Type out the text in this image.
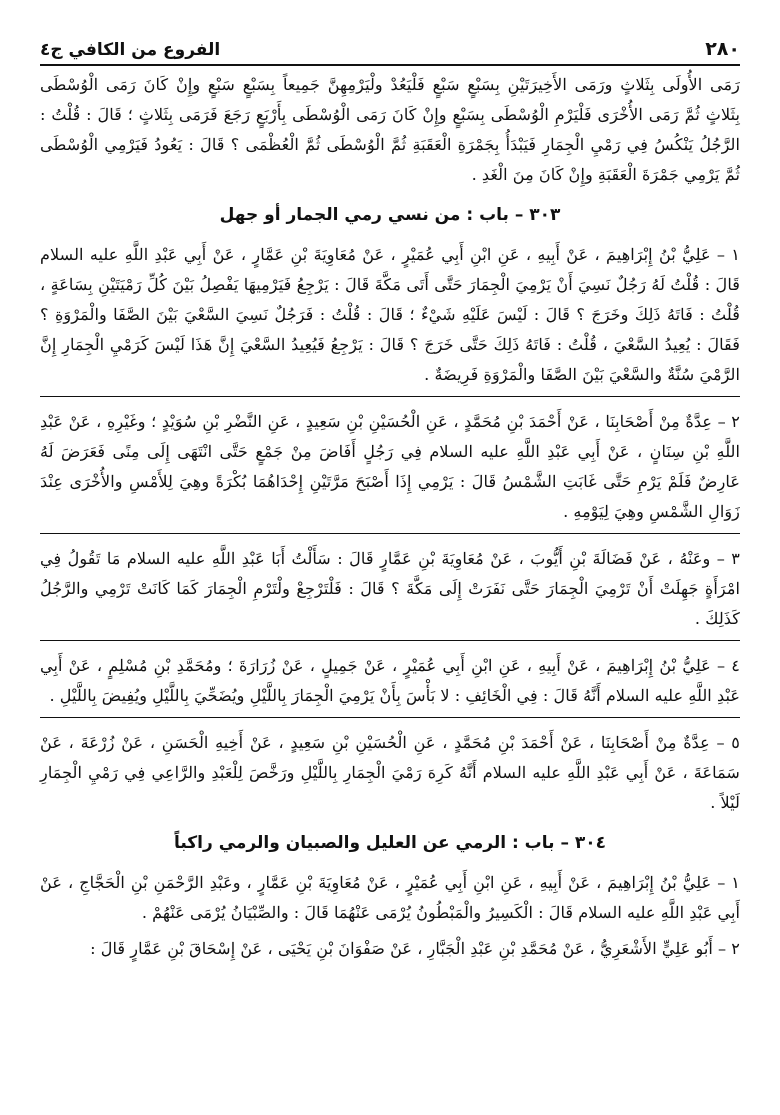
٢٨٠
الفروع من الكافي ج٤

رَمَى الأُولَى بِثَلاثٍ ورَمَى الأَخِيرَتَيْنِ بِسَبْعٍ سَبْعٍ فَلْيَعُدْ ولْيَرْمِهِنَّ جَمِيعاً بِسَبْعٍ سَبْعٍ وإِنْ كَانَ رَمَى الْوُسْطَى بِثَلاثٍ ثُمَّ رَمَى الأُخْرَى فَلْيَرْمِ الْوُسْطَى بِسَبْعٍ وإِنْ كَانَ رَمَى الْوُسْطَى بِأَرْبَعٍ رَجَعَ فَرَمَى بِثَلاثٍ ؛ قَالَ : قُلْتُ : الرَّجُلُ يَنْكُسُ فِي رَمْيِ الْجِمَارِ فَيَبْدَأُ بِجَمْرَةِ الْعَقَبَةِ ثُمَّ الْوُسْطَى ثُمَّ الْعُظْمَى ؟ قَالَ : يَعُودُ فَيَرْمِي الْوُسْطَى ثُمَّ يَرْمِي جَمْرَةَ الْعَقَبَةِ وإِنْ كَانَ مِنَ الْغَدِ .

٣٠٣ – باب : من نسي رمي الجمار أو جهل

١ – عَلِيُّ بْنُ إِبْرَاهِيمَ ، عَنْ أَبِيهِ ، عَنِ ابْنِ أَبِي عُمَيْرٍ ، عَنْ مُعَاوِيَةَ بْنِ عَمَّارٍ ، عَنْ أَبِي عَبْدِ اللَّهِ عليه السلام قَالَ : قُلْتُ لَهُ رَجُلٌ نَسِيَ أَنْ يَرْمِيَ الْجِمَارَ حَتَّى أَتَى مَكَّةَ قَالَ : يَرْجِعُ فَيَرْمِيهَا يَفْصِلُ بَيْنَ كُلِّ رَمْيَتَيْنِ بِسَاعَةٍ ، قُلْتُ : فَاتَهُ ذَلِكَ وخَرَجَ ؟ قَالَ : لَيْسَ عَلَيْهِ شَيْءٌ ؛ قَالَ : قُلْتُ : فَرَجُلٌ نَسِيَ السَّعْيَ بَيْنَ الصَّفَا والْمَرْوَةِ ؟ فَقَالَ : يُعِيدُ السَّعْيَ ، قُلْتُ : فَاتَهُ ذَلِكَ حَتَّى خَرَجَ ؟ قَالَ : يَرْجِعُ فَيُعِيدُ السَّعْيَ إِنَّ هَذَا لَيْسَ كَرَمْيِ الْجِمَارِ إِنَّ الرَّمْيَ سُنَّةٌ والسَّعْيَ بَيْنَ الصَّفَا والْمَرْوَةِ فَرِيضَةٌ .

٢ – عِدَّةٌ مِنْ أَصْحَابِنَا ، عَنْ أَحْمَدَ بْنِ مُحَمَّدٍ ، عَنِ الْحُسَيْنِ بْنِ سَعِيدٍ ، عَنِ النَّضْرِ بْنِ سُوَيْدٍ ؛ وغَيْرِهِ ، عَنْ عَبْدِ اللَّهِ بْنِ سِنَانٍ ، عَنْ أَبِي عَبْدِ اللَّهِ عليه السلام فِي رَجُلٍ أَفَاضَ مِنْ جَمْعٍ حَتَّى انْتَهَى إِلَى مِنًى فَعَرَضَ لَهُ عَارِضٌ فَلَمْ يَرْمِ حَتَّى غَابَتِ الشَّمْسُ قَالَ : يَرْمِي إِذَا أَصْبَحَ مَرَّتَيْنِ إِحْدَاهُمَا بُكْرَةً وهِيَ لِلأَمْسِ والأُخْرَى عِنْدَ زَوَالِ الشَّمْسِ وهِيَ لِيَوْمِهِ .

٣ – وعَنْهُ ، عَنْ فَضَالَةَ بْنِ أَيُّوبَ ، عَنْ مُعَاوِيَةَ بْنِ عَمَّارٍ قَالَ : سَأَلْتُ أَبَا عَبْدِ اللَّهِ عليه السلام مَا تَقُولُ فِي امْرَأَةٍ جَهِلَتْ أَنْ تَرْمِيَ الْجِمَارَ حَتَّى نَفَرَتْ إِلَى مَكَّةَ ؟ قَالَ : فَلْتَرْجِعْ ولْتَرْمِ الْجِمَارَ كَمَا كَانَتْ تَرْمِي والرَّجُلُ كَذَلِكَ .

٤ – عَلِيُّ بْنُ إِبْرَاهِيمَ ، عَنْ أَبِيهِ ، عَنِ ابْنِ أَبِي عُمَيْرٍ ، عَنْ جَمِيلٍ ، عَنْ زُرَارَةَ ؛ ومُحَمَّدِ بْنِ مُسْلِمٍ ، عَنْ أَبِي عَبْدِ اللَّهِ عليه السلام أَنَّهُ قَالَ : فِي الْخَائِفِ : لا بَأْسَ بِأَنْ يَرْمِيَ الْجِمَارَ بِاللَّيْلِ ويُضَحِّيَ بِاللَّيْلِ ويُفِيضَ بِاللَّيْلِ .

٥ – عِدَّةٌ مِنْ أَصْحَابِنَا ، عَنْ أَحْمَدَ بْنِ مُحَمَّدٍ ، عَنِ الْحُسَيْنِ بْنِ سَعِيدٍ ، عَنْ أَخِيهِ الْحَسَنِ ، عَنْ زُرْعَةَ ، عَنْ سَمَاعَةَ ، عَنْ أَبِي عَبْدِ اللَّهِ عليه السلام أَنَّهُ كَرِهَ رَمْيَ الْجِمَارِ بِاللَّيْلِ ورَخَّصَ لِلْعَبْدِ والرَّاعِي فِي رَمْيِ الْجِمَارِ لَيْلاً .

٣٠٤ – باب : الرمي عن العليل والصبيان والرمي راكباً

١ – عَلِيُّ بْنُ إِبْرَاهِيمَ ، عَنْ أَبِيهِ ، عَنِ ابْنِ أَبِي عُمَيْرٍ ، عَنْ مُعَاوِيَةَ بْنِ عَمَّارٍ ، وعَبْدِ الرَّحْمَنِ بْنِ الْحَجَّاجِ ، عَنْ أَبِي عَبْدِ اللَّهِ عليه السلام قَالَ : الْكَسِيرُ والْمَبْطُونُ يُرْمَى عَنْهُمَا قَالَ : والصِّبْيَانُ يُرْمَى عَنْهُمْ .

٢ – أَبُو عَلِيٍّ الأَشْعَرِيُّ ، عَنْ مُحَمَّدِ بْنِ عَبْدِ الْجَبَّارِ ، عَنْ صَفْوَانَ بْنِ يَحْيَى ، عَنْ إِسْحَاقَ بْنِ عَمَّارٍ قَالَ :
